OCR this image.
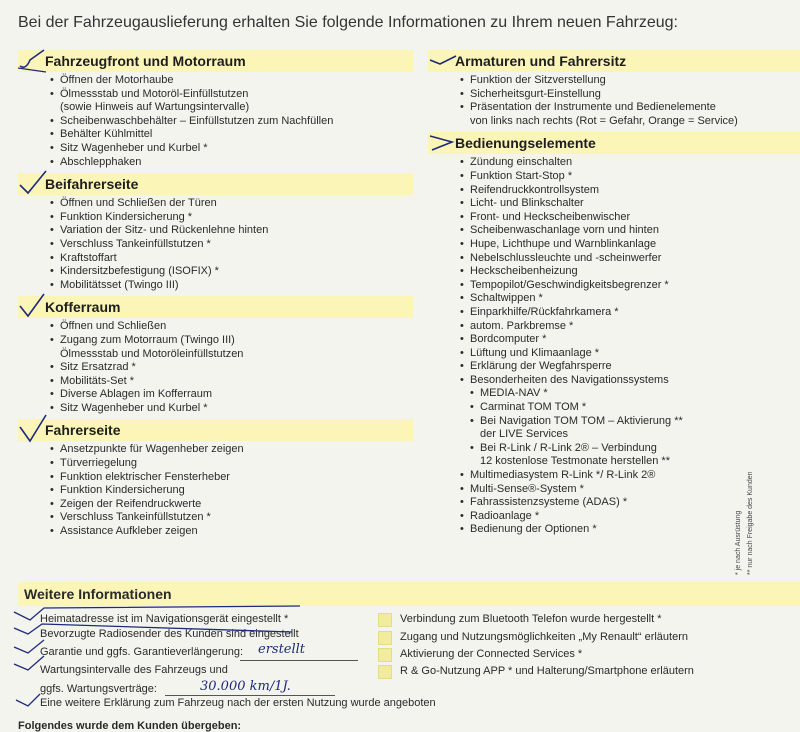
Bei der Fahrzeugauslieferung erhalten Sie folgende Informationen zu Ihrem neuen Fahrzeug:
Fahrzeugfront und Motorraum
• Öffnen der Motorhaube
• Ölmessstab und Motoröl-Einfüllstutzen
(sowie Hinweis auf Wartungsintervalle)
• Scheibenwaschbehälter – Einfüllstutzen zum Nachfüllen
• Behälter Kühlmittel
• Sitz Wagenheber und Kurbel *
• Abschlepphaken
Beifahrerseite
• Öffnen und Schließen der Türen
• Funktion Kindersicherung *
• Variation der Sitz- und Rückenlehne hinten
• Verschluss Tankeinfüllstutzen *
• Kraftstoffart
• Kindersitzbefestigung (ISOFIX) *
• Mobilitätsset (Twingo III)
Kofferraum
• Öffnen und Schließen
• Zugang zum Motorraum (Twingo III)
Ölmessstab und Motoröleinfüllstutzen
• Sitz Ersatzrad *
• Mobilitäts-Set *
• Diverse Ablagen im Kofferraum
• Sitz Wagenheber und Kurbel *
Fahrerseite
• Ansetzpunkte für Wagenheber zeigen
• Türverriegelung
• Funktion elektrischer Fensterheber
• Funktion Kindersicherung
• Zeigen der Reifendruckwerte
• Verschluss Tankeinfüllstutzen *
• Assistance Aufkleber zeigen
Armaturen und Fahrersitz
• Funktion der Sitzverstellung
• Sicherheitsgurt-Einstellung
• Präsentation der Instrumente und Bedienelemente
von links nach rechts (Rot = Gefahr, Orange = Service)
Bedienungselemente
• Zündung einschalten
• Funktion Start-Stop *
• Reifendruckkontrollsystem
• Licht- und Blinkschalter
• Front- und Heckscheibenwischer
• Scheibenwaschanlage vorn und hinten
• Hupe, Lichthupe und Warnblinkanlage
• Nebelschlussleuchte und -scheinwerfer
• Heckscheibenheizung
• Tempopilot/Geschwindigkeitsbegrenzer *
• Schaltwippen *
• Einparkhilfe/Rückfahrkamera *
• autom. Parkbremse *
• Bordcomputer *
• Lüftung und Klimaanlage *
• Erklärung der Wegfahrsperre
• Besonderheiten des Navigationssystems
• MEDIA-NAV *
• Carminat TOM TOM *
• Bei Navigation TOM TOM – Aktivierung **
der LIVE Services
• Bei R-Link / R-Link 2® – Verbindung
12 kostenlose Testmonate herstellen **
• Multimediasystem R-Link */ R-Link 2®
• Multi-Sense®-System *
• Fahrassistenzsysteme (ADAS) *
• Radioanlage *
• Bedienung der Optionen *	* je nach Ausrüstung ** nur nach Freigabe des Kunden
Weitere Informationen
Heimatadresse ist im Navigationsgerät eingestellt *
Bevorzugte Radiosender des Kunden sind eingestellt
Garantie und ggfs. Garantieverlängerung: erstellt
Wartungsintervalle des Fahrzeugs und
ggfs. Wartungsverträge:	30.000 km/1J.
Eine weitere Erklärung zum Fahrzeug nach der ersten Nutzung wurde angeboten
Verbindung zum Bluetooth Telefon wurde hergestellt *
Zugang und Nutzungsmöglichkeiten „My Renault“ erläutern
Aktivierung der Connected Services *
R & Go-Nutzung APP * und Halterung/Smartphone erläutern
Folgendes wurde dem Kunden übergeben:
